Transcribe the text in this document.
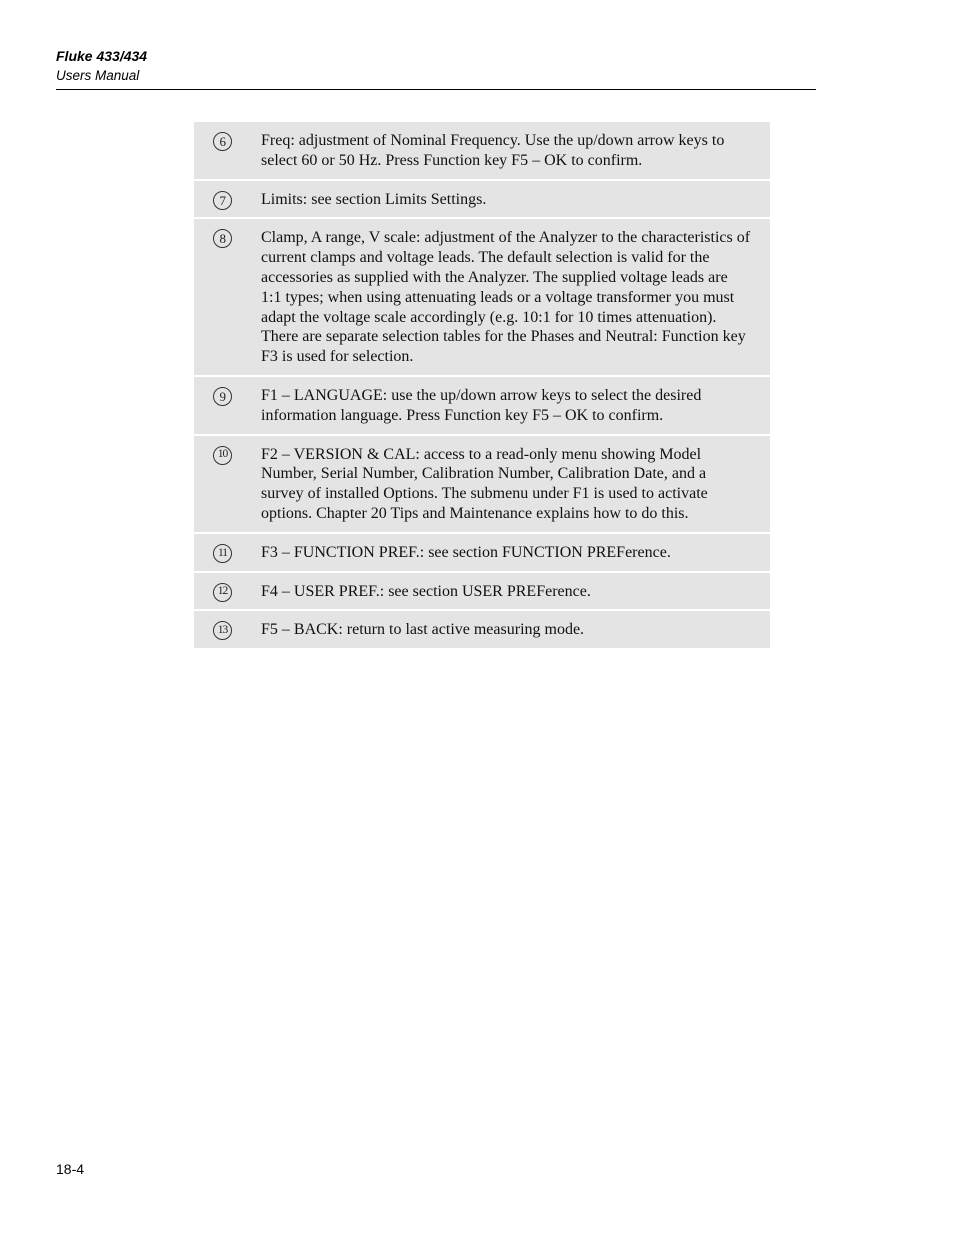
Fluke 433/434
Users Manual
6	Freq: adjustment of Nominal Frequency. Use the up/down arrow keys to select 60 or 50 Hz. Press Function key F5 – OK to confirm.
7	Limits: see section Limits Settings.
8	Clamp, A range, V scale: adjustment of the Analyzer to the characteristics of current clamps and voltage leads. The default selection is valid for the accessories as supplied with the Analyzer. The supplied voltage leads are 1:1 types; when using attenuating leads or a voltage transformer you must adapt the voltage scale accordingly (e.g. 10:1 for 10 times attenuation). There are separate selection tables for the Phases and Neutral: Function key F3 is used for selection.
9	F1 – LANGUAGE: use the up/down arrow keys to select the desired information language. Press Function key F5 – OK to confirm.
10 F2 – VERSION & CAL: access to a read-only menu showing Model Number, Serial Number, Calibration Number, Calibration Date, and a survey of installed Options. The submenu under F1 is used to activate options. Chapter 20 Tips and Maintenance explains how to do this.
11	F3 – FUNCTION PREF.: see section FUNCTION PREFerence.
12 F4 – USER PREF.: see section USER PREFerence.
13 F5 – BACK: return to last active measuring mode.
18-4
